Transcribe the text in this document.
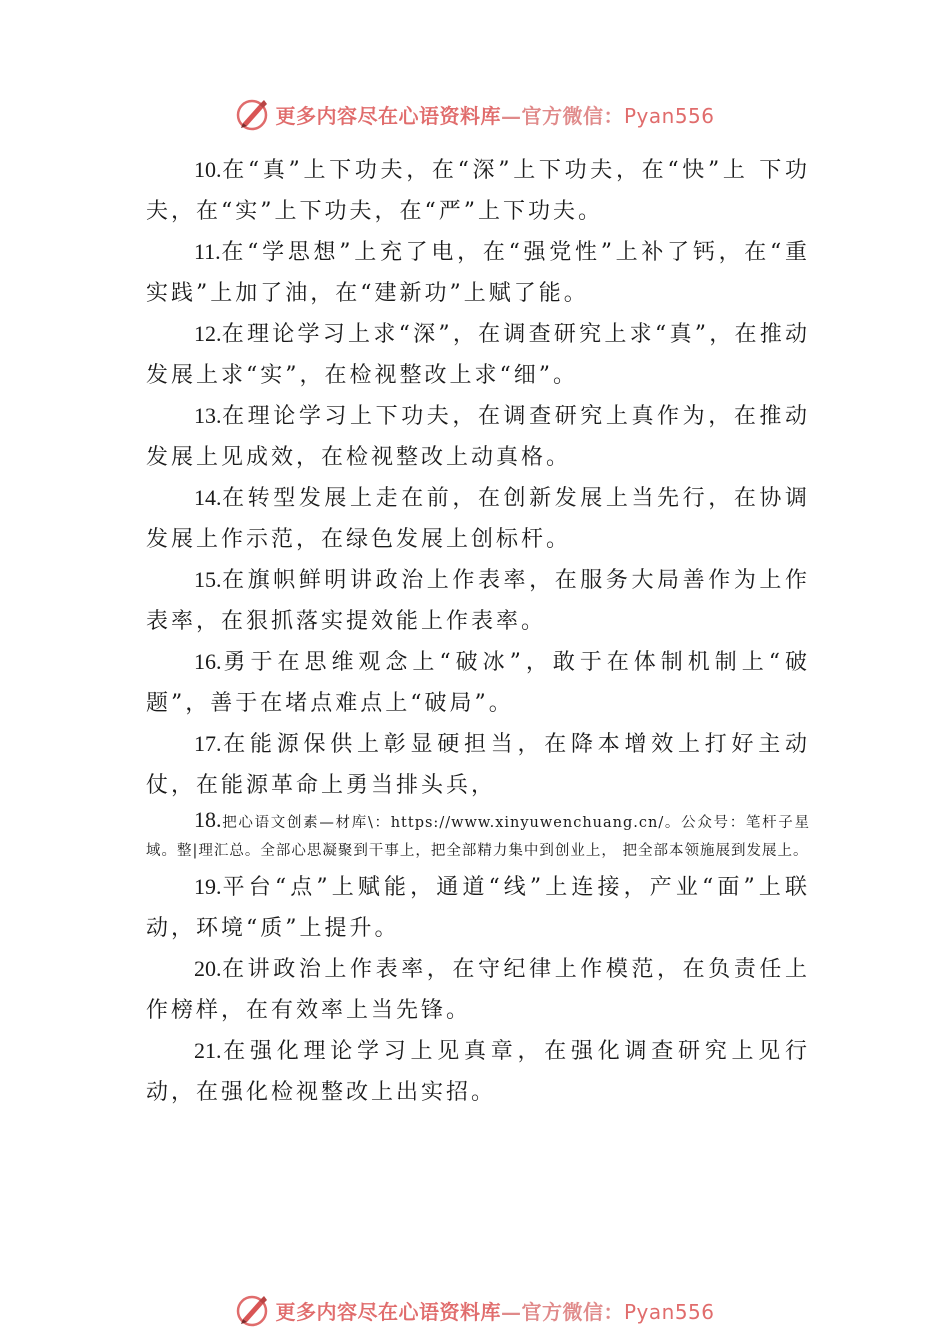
更多内容尽在心语资料库—官方微信：Pyan556

10.在“真”上下功夫，在“深”上下功夫，在“快”上 下功夫，在“实”上下功夫，在“严”上下功夫。

11.在“学思想”上充了电，在“强党性”上补了钙，在“重实践”上加了油，在“建新功”上赋了能。

12.在理论学习上求“深”，在调查研究上求“真”，在推动发展上求“实”，在检视整改上求“细”。

13.在理论学习上下功夫，在调查研究上真作为，在推动发展上见成效，在检视整改上动真格。

14.在转型发展上走在前，在创新发展上当先行，在协调发展上作示范，在绿色发展上创标杆。

15.在旗帜鲜明讲政治上作表率，在服务大局善作为上作表率，在狠抓落实提效能上作表率。

16.勇于在思维观念上“破冰”，敢于在体制机制上“破题”，善于在堵点难点上“破局”。

17.在能源保供上彰显硬担当，在降本增效上打好主动仗，在能源革命上勇当排头兵，

18.把心语文创素—材库\：https://www.xinyuwenchuang.cn/。公众号：笔杆子星域。整|理汇总。全部心思凝聚到干事上，把全部精力集中到创业上， 把全部本领施展到发展上。

19.平台“点”上赋能，通道“线”上连接，产业“面”上联动，环境“质”上提升。

20.在讲政治上作表率，在守纪律上作模范，在负责任上作榜样，在有效率上当先锋。

21.在强化理论学习上见真章，在强化调查研究上见行动，在强化检视整改上出实招。

更多内容尽在心语资料库—官方微信：Pyan556
